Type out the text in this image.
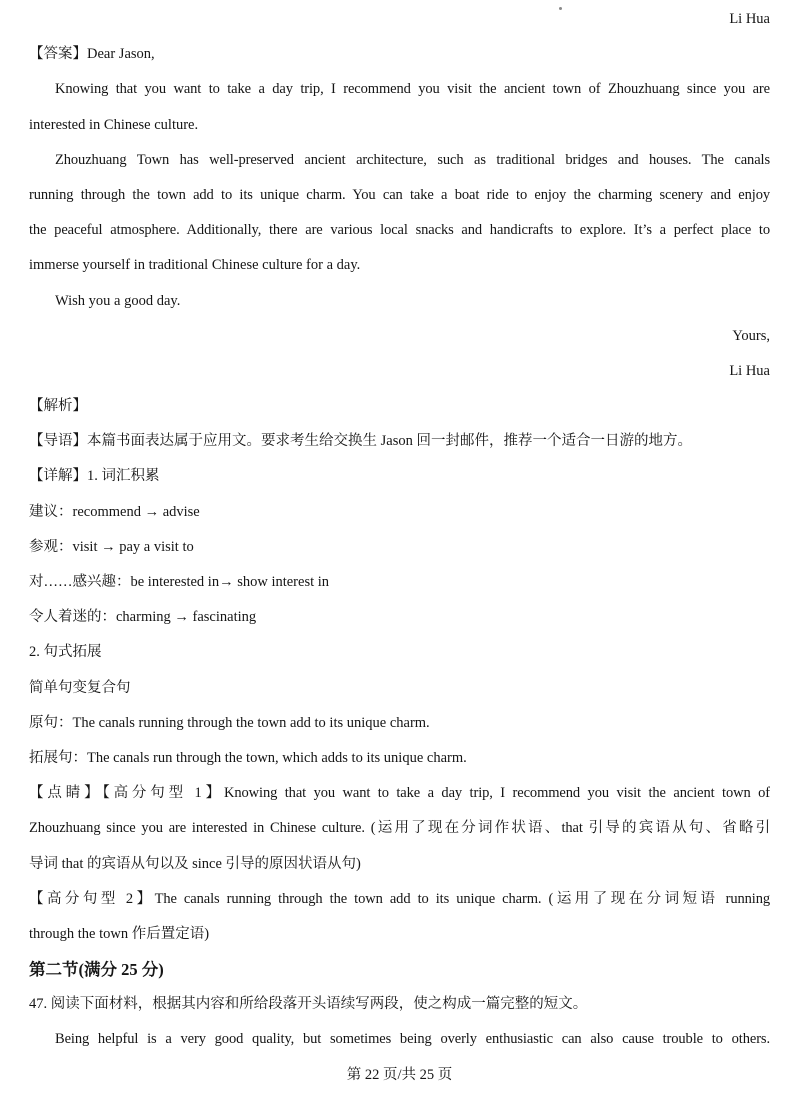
Li Hua
【答案】Dear Jason,
Knowing that you want to take a day trip, I recommend you visit the ancient town of Zhouzhuang since you are
interested in Chinese culture.
Zhouzhuang Town has well-preserved ancient architecture, such as traditional bridges and houses. The canals
running through the town add to its unique charm. You can take a boat ride to enjoy the charming scenery and enjoy
the peaceful atmosphere. Additionally, there are various local snacks and handicrafts to explore. It’s a perfect place to
immerse yourself in traditional Chinese culture for a day.
Wish you a good day.
Yours,
Li Hua
【解析】
【导语】本篇书面表达属于应用文。要求考生给交换生 Jason 回一封邮件，推荐一个适合一日游的地方。
【详解】1. 词汇积累
建议：recommend → advise
参观：visit → pay a visit to
对……感兴趣：be interested in→ show interest in
令人着迷的：charming → fascinating
2. 句式拓展
简单句变复合句
原句：The canals running through the town add to its unique charm.
拓展句：The canals run through the town, which adds to its unique charm.
【点睛】【高分句型 1】Knowing that you want to take a day trip, I recommend you visit the ancient town of
Zhouzhuang since you are interested in Chinese culture. (运用了现在分词作状语、that 引导的宾语从句、省略引
导词 that 的宾语从句以及 since 引导的原因状语从句)
【高分句型 2】The canals running through the town add to its unique charm. (运用了现在分词短语 running
through the town 作后置定语)
第二节(满分 25 分)
47. 阅读下面材料，根据其内容和所给段落开头语续写两段，使之构成一篇完整的短文。
Being helpful is a very good quality, but sometimes being overly enthusiastic can also cause trouble to others.
第 22 页/共 25 页
